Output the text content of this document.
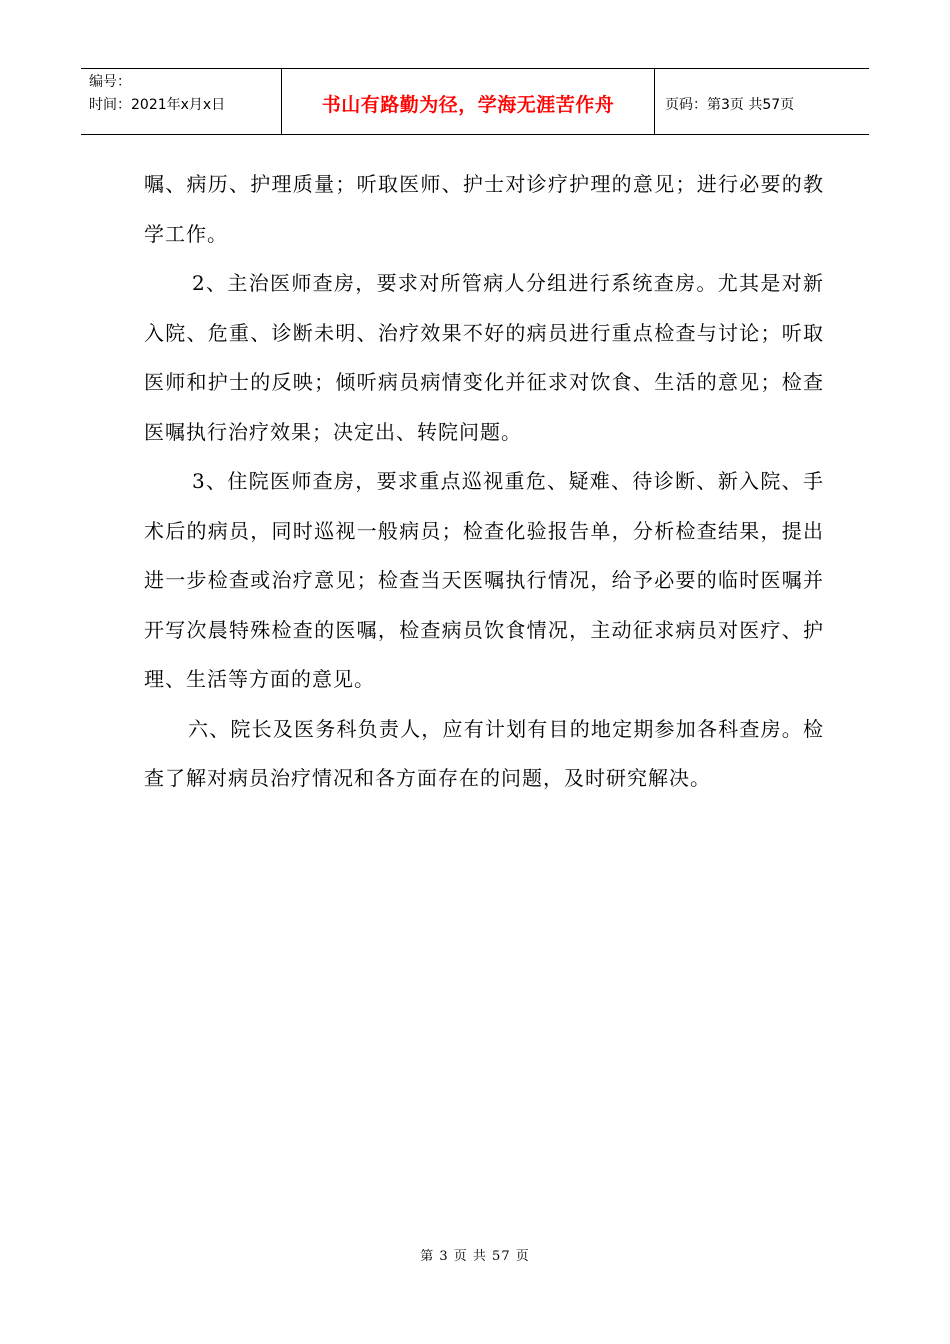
编号：
时间：2021年x月x日	书山有路勤为径，学海无涯苦作舟	页码：第3页 共57页

嘱、病历、护理质量；听取医师、护士对诊疗护理的意见；进行必要的教学工作。

2、主治医师查房，要求对所管病人分组进行系统查房。尤其是对新入院、危重、诊断未明、治疗效果不好的病员进行重点检查与讨论；听取医师和护士的反映；倾听病员病情变化并征求对饮食、生活的意见；检查医嘱执行治疗效果；决定出、转院问题。

3、住院医师查房，要求重点巡视重危、疑难、待诊断、新入院、手术后的病员，同时巡视一般病员；检查化验报告单，分析检查结果，提出进一步检查或治疗意见；检查当天医嘱执行情况，给予必要的临时医嘱并开写次晨特殊检查的医嘱，检查病员饮食情况，主动征求病员对医疗、护理、生活等方面的意见。

六、院长及医务科负责人，应有计划有目的地定期参加各科查房。检查了解对病员治疗情况和各方面存在的问题，及时研究解决。

第 3 页 共 57 页
